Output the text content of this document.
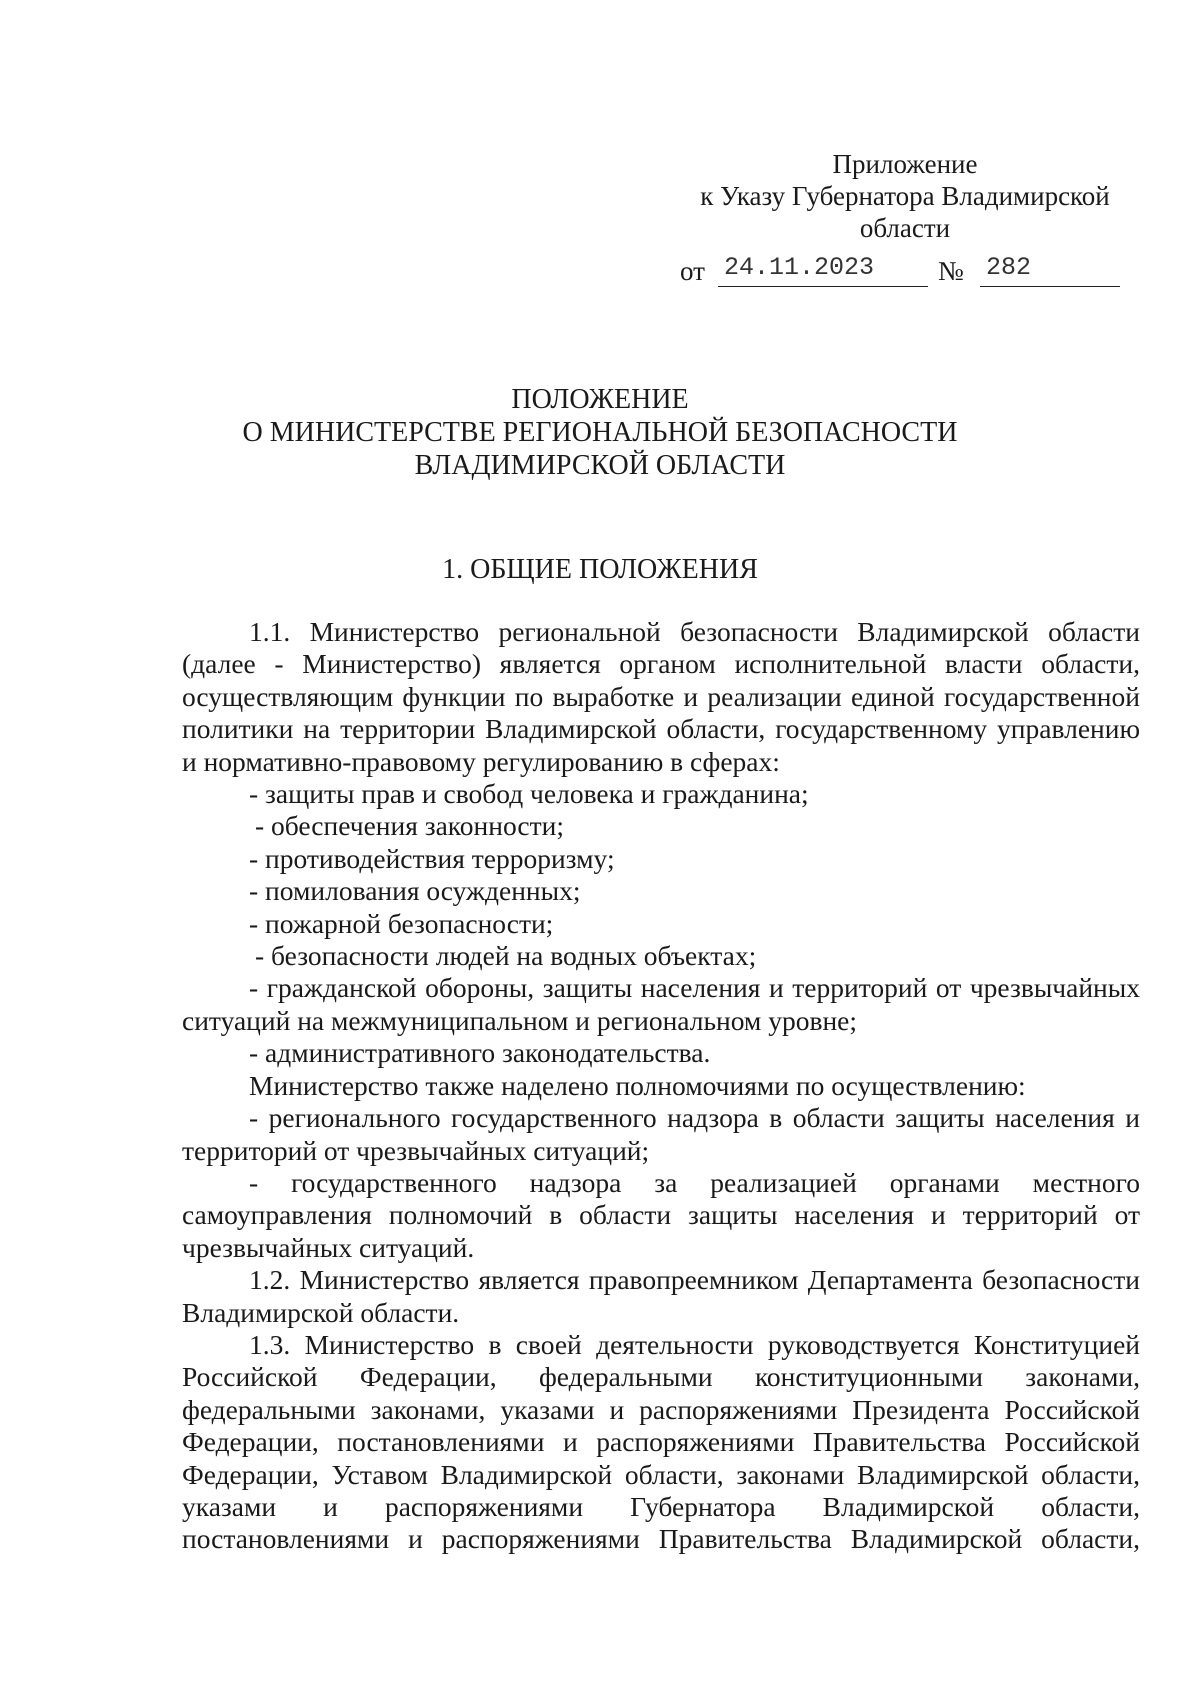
Приложение
к Указу Губернатора Владимирской
области
от 24.11.2023	№ 282
ПОЛОЖЕНИЕ
О МИНИСТЕРСТВЕ РЕГИОНАЛЬНОЙ БЕЗОПАСНОСТИ
ВЛАДИМИРСКОЙ ОБЛАСТИ
1. ОБЩИЕ ПОЛОЖЕНИЯ

1.1. Министерство региональной безопасности Владимирской области (далее - Министерство) является органом исполнительной власти области, осуществляющим функции по выработке и реализации единой государственной политики на территории Владимирской области, государственному управлению и нормативно-правовому регулированию в сферах:

- защиты прав и свобод человека и гражданина;

- обеспечения законности;

- противодействия терроризму;

- помилования осужденных;

- пожарной безопасности;

- безопасности людей на водных объектах;

- гражданской обороны, защиты населения и территорий от чрезвычайных ситуаций на межмуниципальном и региональном уровне;

- административного законодательства.

Министерство также наделено полномочиями по осуществлению:

- регионального государственного надзора в области защиты населения и территорий от чрезвычайных ситуаций;

- государственного надзора за реализацией органами местного самоуправления полномочий в области защиты населения и территорий от чрезвычайных ситуаций.

1.2. Министерство является правопреемником Департамента безопасности Владимирской области.

1.3. Министерство в своей деятельности руководствуется Конституцией Российской Федерации, федеральными конституционными законами, федеральными законами, указами и распоряжениями Президента Российской Федерации, постановлениями и распоряжениями Правительства Российской Федерации, Уставом Владимирской области, законами Владимирской области, указами и распоряжениями Губернатора Владимирской области, постановлениями и распоряжениями Правительства Владимирской области,
